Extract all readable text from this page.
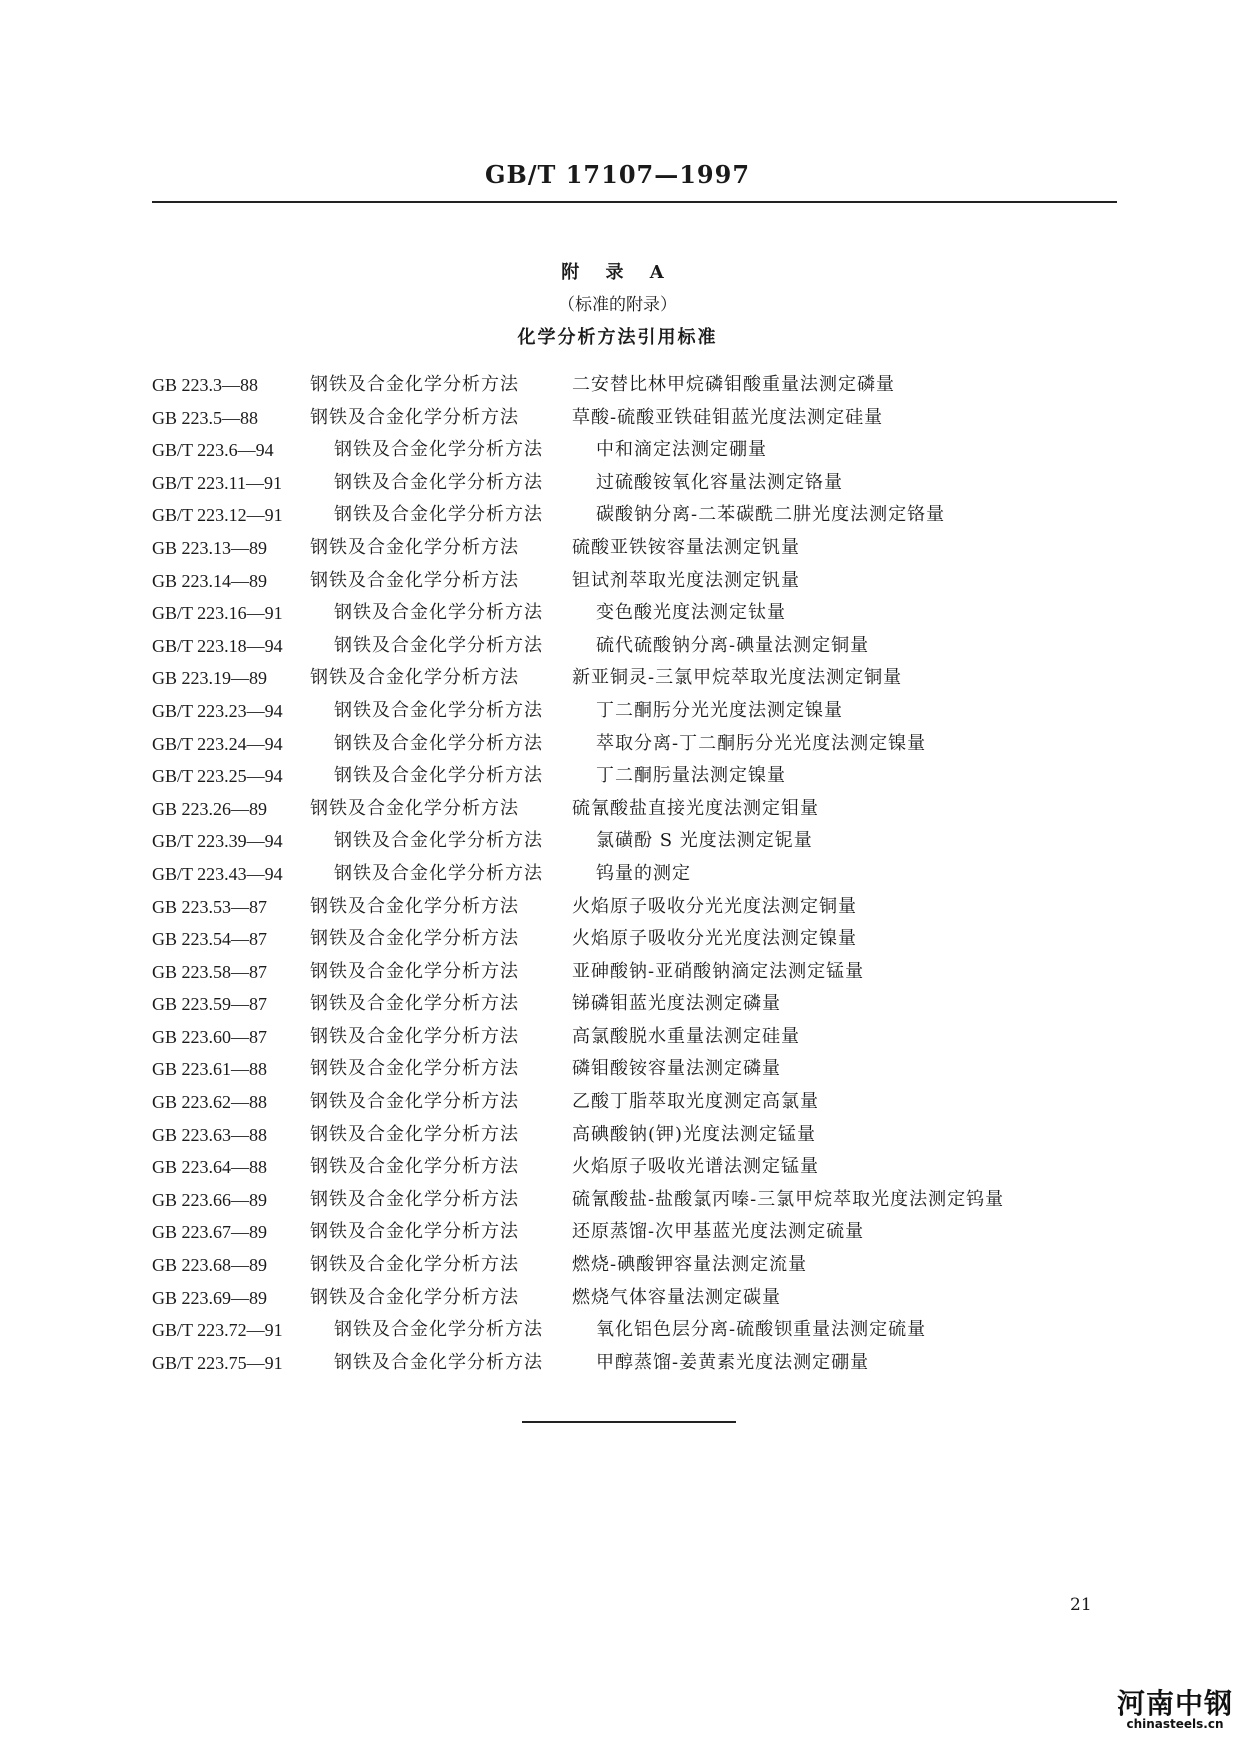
GB/T 17107—1997
附 录 A
（标准的附录）
化学分析方法引用标准
GB 223.3—88	钢铁及合金化学分析方法	二安替比林甲烷磷钼酸重量法测定磷量
GB 223.5—88	钢铁及合金化学分析方法	草酸-硫酸亚铁硅钼蓝光度法测定硅量
GB/T 223.6—94	钢铁及合金化学分析方法	中和滴定法测定硼量
GB/T 223.11—91	钢铁及合金化学分析方法	过硫酸铵氧化容量法测定铬量
GB/T 223.12—91	钢铁及合金化学分析方法	碳酸钠分离-二苯碳酰二肼光度法测定铬量
GB 223.13—89	钢铁及合金化学分析方法	硫酸亚铁铵容量法测定钒量
GB 223.14—89	钢铁及合金化学分析方法	钽试剂萃取光度法测定钒量
GB/T 223.16—91	钢铁及合金化学分析方法	变色酸光度法测定钛量
GB/T 223.18—94	钢铁及合金化学分析方法	硫代硫酸钠分离-碘量法测定铜量
GB 223.19—89	钢铁及合金化学分析方法	新亚铜灵-三氯甲烷萃取光度法测定铜量
GB/T 223.23—94	钢铁及合金化学分析方法	丁二酮肟分光光度法测定镍量
GB/T 223.24—94	钢铁及合金化学分析方法	萃取分离-丁二酮肟分光光度法测定镍量
GB/T 223.25—94	钢铁及合金化学分析方法	丁二酮肟量法测定镍量
GB 223.26—89	钢铁及合金化学分析方法	硫氰酸盐直接光度法测定钼量
GB/T 223.39—94	钢铁及合金化学分析方法	氯磺酚 S 光度法测定铌量
GB/T 223.43—94	钢铁及合金化学分析方法	钨量的测定
GB 223.53—87	钢铁及合金化学分析方法	火焰原子吸收分光光度法测定铜量
GB 223.54—87	钢铁及合金化学分析方法	火焰原子吸收分光光度法测定镍量
GB 223.58—87	钢铁及合金化学分析方法	亚砷酸钠-亚硝酸钠滴定法测定锰量
GB 223.59—87	钢铁及合金化学分析方法	锑磷钼蓝光度法测定磷量
GB 223.60—87	钢铁及合金化学分析方法	高氯酸脱水重量法测定硅量
GB 223.61—88	钢铁及合金化学分析方法	磷钼酸铵容量法测定磷量
GB 223.62—88	钢铁及合金化学分析方法	乙酸丁脂萃取光度测定高氯量
GB 223.63—88	钢铁及合金化学分析方法	高碘酸钠(钾)光度法测定锰量
GB 223.64—88	钢铁及合金化学分析方法	火焰原子吸收光谱法测定锰量
GB 223.66—89	钢铁及合金化学分析方法	硫氰酸盐-盐酸氯丙嗪-三氯甲烷萃取光度法测定钨量
GB 223.67—89	钢铁及合金化学分析方法	还原蒸馏-次甲基蓝光度法测定硫量
GB 223.68—89	钢铁及合金化学分析方法	燃烧-碘酸钾容量法测定流量
GB 223.69—89	钢铁及合金化学分析方法	燃烧气体容量法测定碳量
GB/T 223.72—91	钢铁及合金化学分析方法	氧化铝色层分离-硫酸钡重量法测定硫量
GB/T 223.75—91	钢铁及合金化学分析方法	甲醇蒸馏-姜黄素光度法测定硼量
21
河南中钢
chinasteels.cn
